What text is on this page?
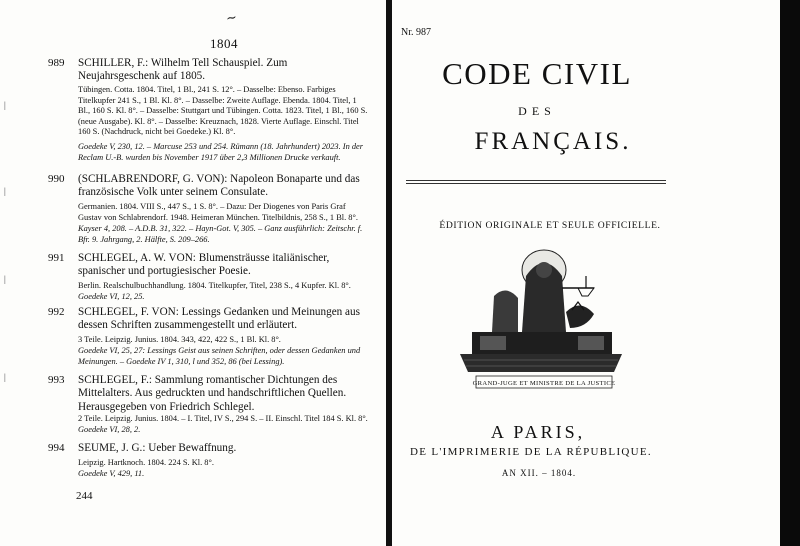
∼
1804
|
|
|
|
989	SCHILLER, F.: Wilhelm Tell Schauspiel. Zum Neujahrsgeschenk auf 1805.
Tübingen. Cotta. 1804. Titel, 1 Bl., 241 S. 12°. – Dasselbe: Ebenso. Farbiges Titelkupfer 241 S., 1 Bl. Kl. 8°. – Dasselbe: Zweite Auflage. Ebenda. 1804. Titel, 1 Bl., 160 S. Kl. 8°. – Dasselbe: Stuttgart und Tübingen. Cotta. 1823. Titel, 1 Bl., 160 S. (neue Ausgabe). Kl. 8°. – Dasselbe: Kreuznach, 1828. Vierte Auflage. Einschl. Titel 160 S. (Nachdruck, nicht bei Goedeke.) Kl. 8°.
Goedeke V, 230, 12. – Marcuse 253 und 254. Rümann (18. Jahrhundert) 2023. In der Reclam U.-B. wurden bis November 1917 über 2,3 Millionen Drucke verkauft.
990	(SCHLABRENDORF, G. VON): Napoleon Bonaparte und das französische Volk unter seinem Consulate.
Germanien. 1804. VIII S., 447 S., 1 S. 8°. – Dazu: Der Diogenes von Paris Graf Gustav von Schlabrendorf. 1948. Heimeran München. Titelbildnis, 258 S., 1 Bl. 8°.
Kayser 4, 208. – A.D.B. 31, 322. – Hayn-Got. V, 305. – Ganz ausführlich: Zeitschr. f. Bfr. 9. Jahrgang, 2. Hälfte, S. 209–266.
991	SCHLEGEL, A. W. VON: Blumensträusse italiänischer, spanischer und portugiesischer Poesie.
Berlin. Realschulbuchhandlung. 1804. Titelkupfer, Titel, 238 S., 4 Kupfer. Kl. 8°.
Goedeke VI, 12, 25.
992	SCHLEGEL, F. VON: Lessings Gedanken und Meinungen aus dessen Schriften zusammengestellt und erläutert.
3 Teile. Leipzig. Junius. 1804. 343, 422, 422 S., 1 Bl. Kl. 8°.
Goedeke VI, 25, 27: Lessings Geist aus seinen Schriften, oder dessen Gedanken und Meinungen. – Goedeke IV 1, 310, l und 352, 86 (bei Lessing).
993	SCHLEGEL, F.: Sammlung romantischer Dichtungen des Mittelalters. Aus gedruckten und handschriftlichen Quellen. Herausgegeben von Friedrich Schlegel.
2 Teile. Leipzig. Junius. 1804. – I. Titel, IV S., 294 S. – II. Einschl. Titel 184 S. Kl. 8°.
Goedeke VI, 28, 2.
994	SEUME, J. G.: Ueber Bewaffnung.
Leipzig. Hartknoch. 1804. 224 S. Kl. 8°.
Goedeke V, 429, 11.
244
Nr. 987
CODE CIVIL
DES
FRANÇAIS.
ÉDITION ORIGINALE ET SEULE OFFICIELLE.
GRAND-JUGE ET MINISTRE DE LA JUSTICE
A PARIS,
DE L'IMPRIMERIE DE LA RÉPUBLIQUE.
AN XII. – 1804.
